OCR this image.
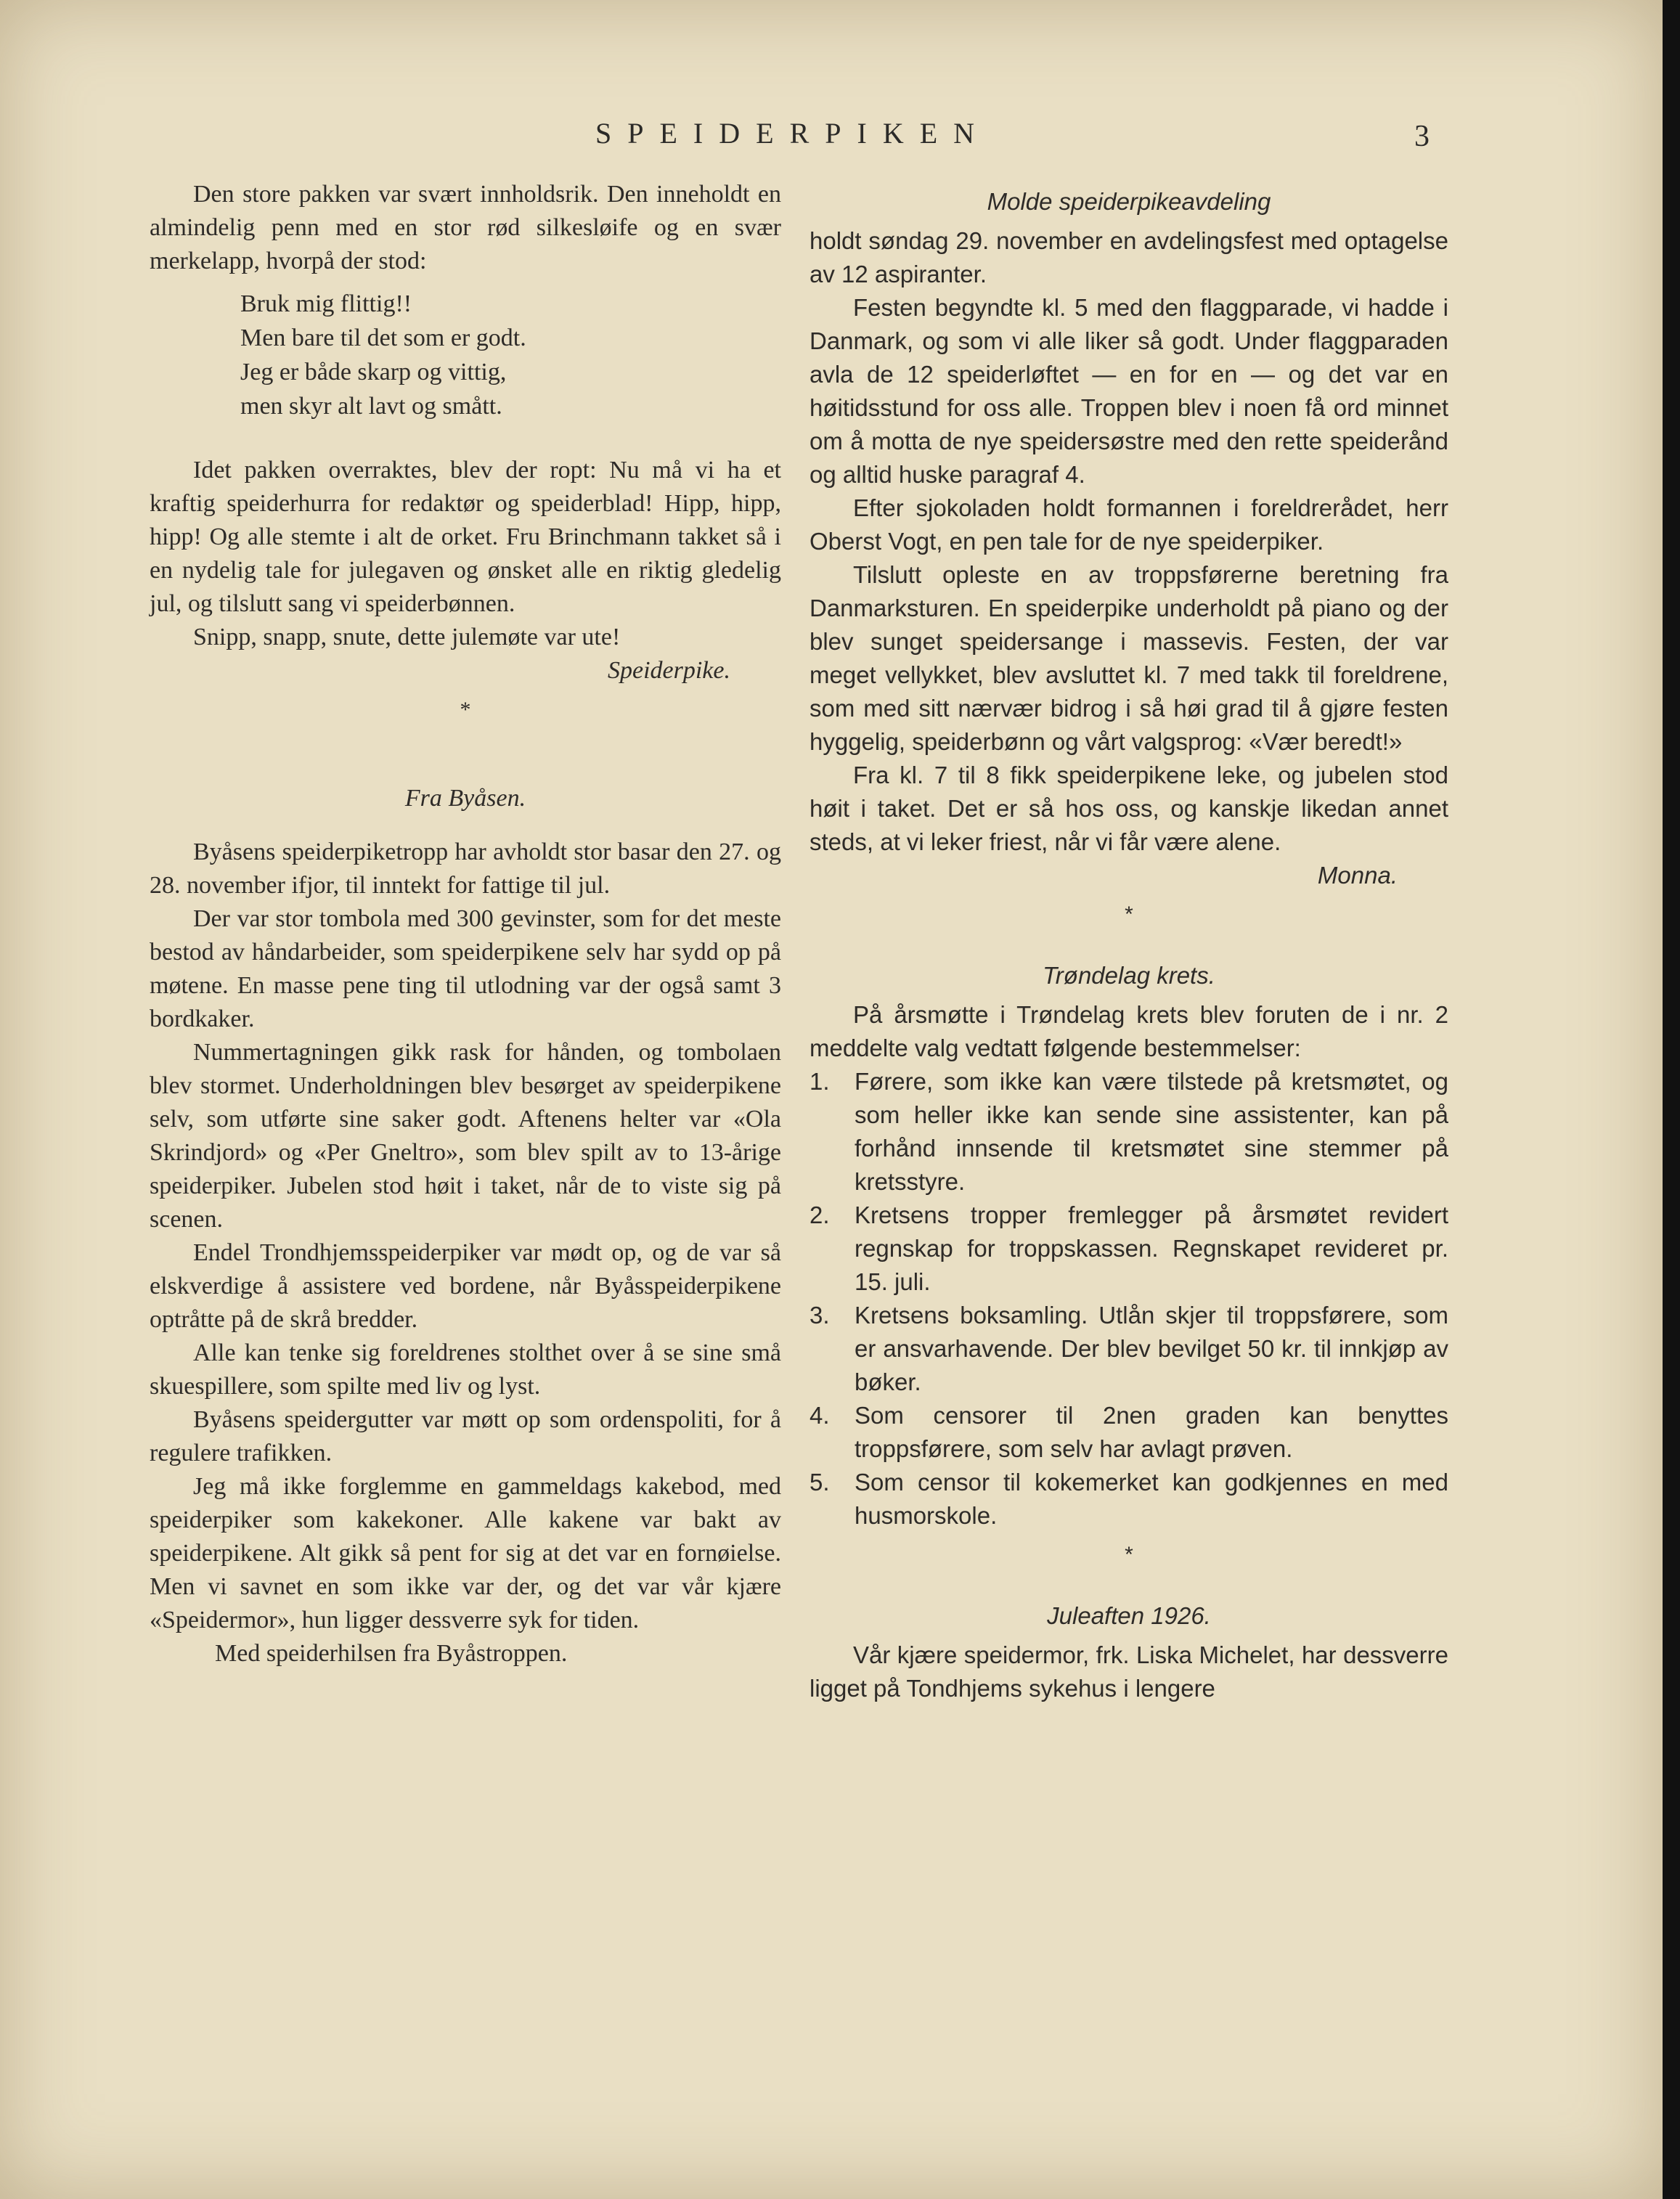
SPEIDERPIKEN	3

Den store pakken var svært innholdsrik. Den inneholdt en almindelig penn med en stor rød silkesløife og en svær merkelapp, hvorpå der stod:

Bruk mig flittig!!
Men bare til det som er godt.
Jeg er både skarp og vittig,
men skyr alt lavt og smått.

Idet pakken overraktes, blev der ropt: Nu må vi ha et kraftig speiderhurra for redaktør og speiderblad! Hipp, hipp, hipp! Og alle stemte i alt de orket. Fru Brinchmann takket så i en nydelig tale for julegaven og ønsket alle en riktig gledelig jul, og tilslutt sang vi speiderbønnen.

Snipp, snapp, snute, dette julemøte var ute!

Speiderpike.
*
Fra Byåsen.

Byåsens speiderpiketropp har avholdt stor basar den 27. og 28. november ifjor, til inntekt for fattige til jul.

Der var stor tombola med 300 gevinster, som for det meste bestod av håndarbeider, som speiderpikene selv har sydd op på møtene. En masse pene ting til utlodning var der også samt 3 bordkaker.

Nummertagningen gikk rask for hånden, og tombolaen blev stormet. Underholdningen blev besørget av speiderpikene selv, som utførte sine saker godt. Aftenens helter var «Ola Skrindjord» og «Per Gneltro», som blev spilt av to 13-årige speiderpiker. Jubelen stod høit i taket, når de to viste sig på scenen.

Endel Trondhjemsspeiderpiker var mødt op, og de var så elskverdige å assistere ved bordene, når Byåsspeiderpikene optråtte på de skrå bredder.

Alle kan tenke sig foreldrenes stolthet over å se sine små skuespillere, som spilte med liv og lyst.

Byåsens speidergutter var møtt op som ordenspoliti, for å regulere trafikken.

Jeg må ikke forglemme en gammeldags kakebod, med speiderpiker som kakekoner. Alle kakene var bakt av speiderpikene. Alt gikk så pent for sig at det var en fornøielse. Men vi savnet en som ikke var der, og det var vår kjære «Speidermor», hun ligger dessverre syk for tiden.

Med speiderhilsen fra Byåstroppen.

Molde speiderpikeavdeling

holdt søndag 29. november en avdelingsfest med optagelse av 12 aspiranter.

Festen begyndte kl. 5 med den flaggparade, vi hadde i Danmark, og som vi alle liker så godt. Under flaggparaden avla de 12 speiderløftet — en for en — og det var en høitidsstund for oss alle. Troppen blev i noen få ord minnet om å motta de nye speidersøstre med den rette speiderånd og alltid huske paragraf 4.

Efter sjokoladen holdt formannen i foreldrerådet, herr Oberst Vogt, en pen tale for de nye speiderpiker.

Tilslutt opleste en av troppsførerne beretning fra Danmarksturen. En speiderpike underholdt på piano og der blev sunget speidersange i massevis. Festen, der var meget vellykket, blev avsluttet kl. 7 med takk til foreldrene, som med sitt nærvær bidrog i så høi grad til å gjøre festen hyggelig, speiderbønn og vårt valgsprog: «Vær beredt!»

Fra kl. 7 til 8 fikk speiderpikene leke, og jubelen stod høit i taket. Det er så hos oss, og kanskje likedan annet steds, at vi leker friest, når vi får være alene.

Monna.
*
Trøndelag krets.

På årsmøtte i Trøndelag krets blev foruten de i nr. 2 meddelte valg vedtatt følgende bestemmelser:

1.	Førere, som ikke kan være tilstede på kretsmøtet, og som heller ikke kan sende sine assistenter, kan på forhånd innsende til kretsmøtet sine stemmer på kretsstyre.
2.	Kretsens tropper fremlegger på årsmøtet revidert regnskap for troppskassen. Regnskapet revideret pr. 15. juli.
3.	Kretsens boksamling. Utlån skjer til troppsførere, som er ansvarhavende. Der blev bevilget 50 kr. til innkjøp av bøker.
4.	Som censorer til 2nen graden kan benyttes troppsførere, som selv har avlagt prøven.
5.	Som censor til kokemerket kan godkjennes en med husmorskole.
*
Juleaften 1926.

Vår kjære speidermor, frk. Liska Michelet, har dessverre ligget på Tondhjems sykehus i lengere
